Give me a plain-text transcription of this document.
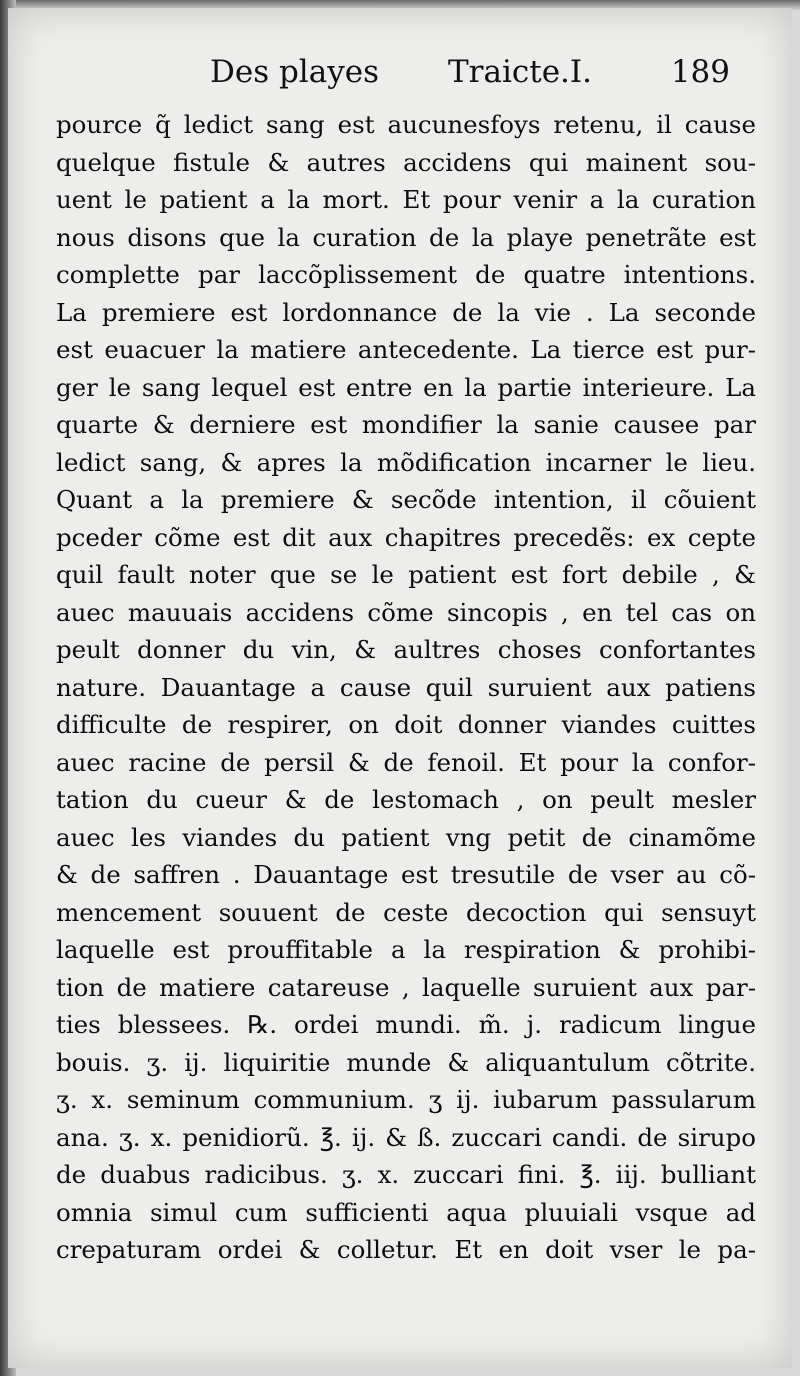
Des playes Traicte.I.	189
pource q̃ ledict sang est aucunesfoys retenu, il cause
quelque fistule & autres accidens qui mainent sou-
uent le patient a la mort. Et pour venir a la curation
nous disons que la curation de la playe penetrãte est
complette par laccõplissement de quatre intentions.
La premiere est lordonnance de la vie . La seconde
est euacuer la matiere antecedente. La tierce est pur-
ger le sang lequel est entre en la partie interieure. La
quarte & derniere est mondifier la sanie causee par
ledict sang, & apres la mõdification incarner le lieu.
Quant a la premiere & secõde intention, il cõuient
pceder cõme est dit aux chapitres precedẽs: ex cepte
quil fault noter que se le patient est fort debile , &
auec mauuais accidens cõme sincopis , en tel cas on
peult donner du vin, & aultres choses confortantes
nature. Dauantage a cause quil suruient aux patiens
difficulte de respirer, on doit donner viandes cuittes
auec racine de persil & de fenoil. Et pour la confor-
tation du cueur & de lestomach , on peult mesler
auec les viandes du patient vng petit de cinamõme
& de saffren . Dauantage est tresutile de vser au cõ-
mencement souuent de ceste decoction qui sensuyt
laquelle est prouffitable a la respiration & prohibi-
tion de matiere catareuse , laquelle suruient aux par-
ties blessees. ℞. ordei mundi. m̃. j. radicum lingue
bouis. ʒ. ij. liquiritie munde & aliquantulum cõtrite.
ʒ. x. seminum communium. ʒ ij. iubarum passularum
ana. ʒ. x. penidiorũ. ℥. ij. & ß. zuccari candi. de sirupo
de duabus radicibus. ʒ. x. zuccari fini. ℥. iij. bulliant
omnia simul cum sufficienti aqua pluuiali vsque ad
crepaturam ordei & colletur. Et en doit vser le pa-
